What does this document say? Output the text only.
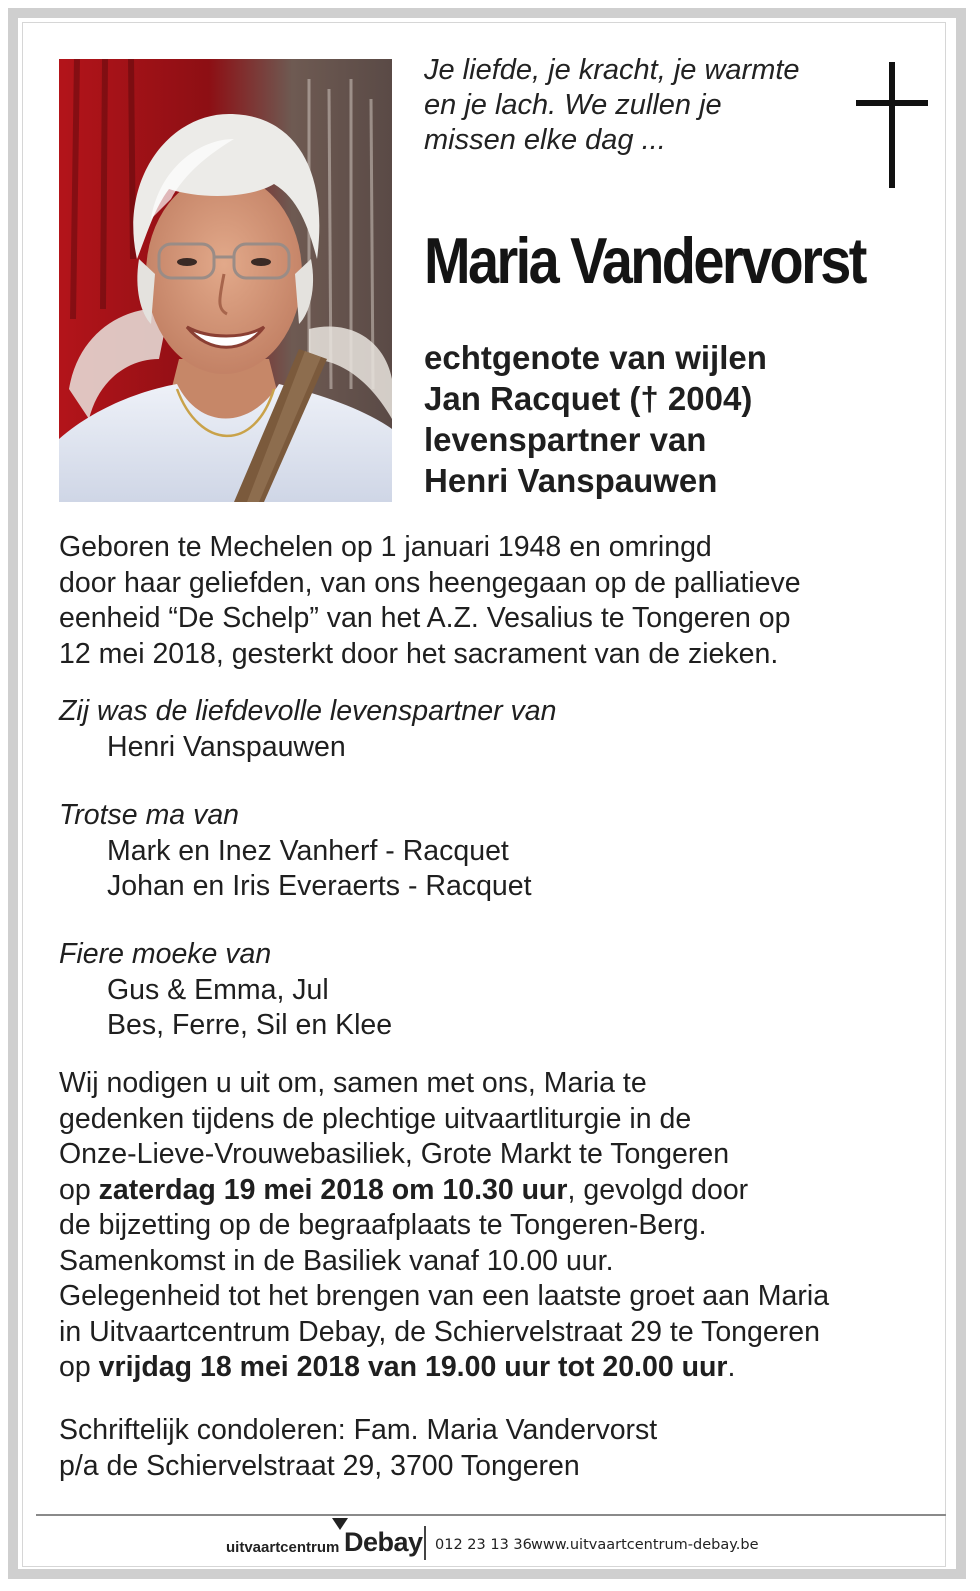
Je liefde, je kracht, je warmte
en je lach. We zullen je
missen elke dag ...
Maria Vandervorst
echtgenote van wijlen
Jan Racquet († 2004)
levenspartner van
Henri Vanspauwen
Geboren te Mechelen op 1 januari 1948 en omringd
door haar geliefden, van ons heengegaan op de palliatieve
eenheid “De Schelp” van het A.Z. Vesalius te Tongeren op
12 mei 2018, gesterkt door het sacrament van de zieken.
Zij was de liefdevolle levenspartner van
Henri Vanspauwen
Trotse ma van
Mark en Inez Vanherf - Racquet
Johan en Iris Everaerts - Racquet
Fiere moeke van
Gus & Emma, Jul
Bes, Ferre, Sil en Klee
Wij nodigen u uit om, samen met ons, Maria te
gedenken tijdens de plechtige uitvaartliturgie in de
Onze-Lieve-Vrouwebasiliek, Grote Markt te Tongeren
op zaterdag 19 mei 2018 om 10.30 uur, gevolgd door
de bijzetting op de begraafplaats te Tongeren-Berg.
Samenkomst in de Basiliek vanaf 10.00 uur.
Gelegenheid tot het brengen van een laatste groet aan Maria
in Uitvaartcentrum Debay, de Schiervelstraat 29 te Tongeren
op vrijdag 18 mei 2018 van 19.00 uur tot 20.00 uur.
Schriftelijk condoleren: Fam. Maria Vandervorst
p/a de Schiervelstraat 29, 3700 Tongeren
uitvaartcentrum Debay 012 23 13 36 www.uitvaartcentrum-debay.be
